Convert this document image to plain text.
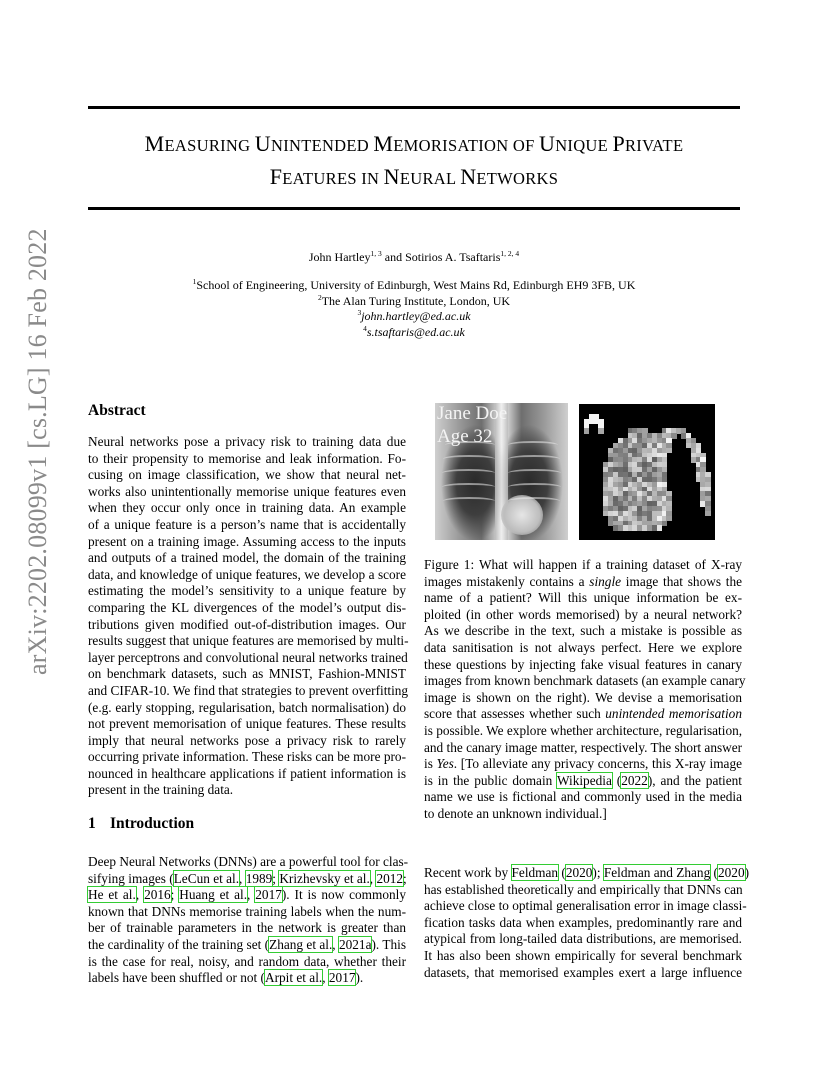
MEASURING UNINTENDED MEMORISATION OF UNIQUE PRIVATE
FEATURES IN NEURAL NETWORKS
John Hartley$^{1, 3}$ and Sotirios A. Tsaftaris$^{1, 2, 4}$
$^1$School of Engineering, University of Edinburgh, West Mains Rd, Edinburgh EH9 3FB, UK
$^2$The Alan Turing Institute, London, UK
$^3$john.hartley@ed.ac.uk
$^4$s.tsaftaris@ed.ac.uk
arXiv:2202.08099v1 [cs.LG] 16 Feb 2022	Abstract
Neural networks pose a privacy risk to training data due
to their propensity to memorise and leak information. Fo-
cusing on image classification, we show that neural net-
works also unintentionally memorise unique features even
when they occur only once in training data. An example
of a unique feature is a person’s name that is accidentally
present on a training image. Assuming access to the inputs
and outputs of a trained model, the domain of the training
data, and knowledge of unique features, we develop a score
estimating the model’s sensitivity to a unique feature by
comparing the KL divergences of the model’s output dis-
tributions given modified out-of-distribution images. Our
results suggest that unique features are memorised by multi-
layer perceptrons and convolutional neural networks trained
on benchmark datasets, such as MNIST, Fashion-MNIST
and CIFAR-10. We find that strategies to prevent overfitting
(e.g. early stopping, regularisation, batch normalisation) do
not prevent memorisation of unique features. These results
imply that neural networks pose a privacy risk to rarely
occurring private information. These risks can be more pro-
nounced in healthcare applications if patient information is
present in the training data.
Jane Doe
Age 32
Figure 1: What will happen if a training dataset of X-ray
images mistakenly contains a single image that shows the
name of a patient? Will this unique information be ex-
ploited (in other words memorised) by a neural network?
As we describe in the text, such a mistake is possible as
data sanitisation is not always perfect. Here we explore
these questions by injecting fake visual features in canary
images from known benchmark datasets (an example canary
image is shown on the right). We devise a memorisation
score that assesses whether such unintended memorisation
is possible. We explore whether architecture, regularisation,
and the canary image matter, respectively. The short answer
is Yes. [To alleviate any privacy concerns, this X-ray image
is in the public domain Wikipedia (2022), and the patient
name we use is fictional and commonly used in the media
to denote an unknown individual.]
1 Introduction
Deep Neural Networks (DNNs) are a powerful tool for clas-
sifying images (LeCun et al., 1989; Krizhevsky et al., 2012;
He et al., 2016; Huang et al., 2017). It is now commonly
known that DNNs memorise training labels when the num-
ber of trainable parameters in the network is greater than
the cardinality of the training set (Zhang et al., 2021a). This
is the case for real, noisy, and random data, whether their
labels have been shuffled or not (Arpit et al., 2017).
Recent work by Feldman (2020); Feldman and Zhang (2020)
has established theoretically and empirically that DNNs can
achieve close to optimal generalisation error in image classi-
fication tasks data when examples, predominantly rare and
atypical from long-tailed data distributions, are memorised.
It has also been shown empirically for several benchmark
datasets, that memorised examples exert a large influence
